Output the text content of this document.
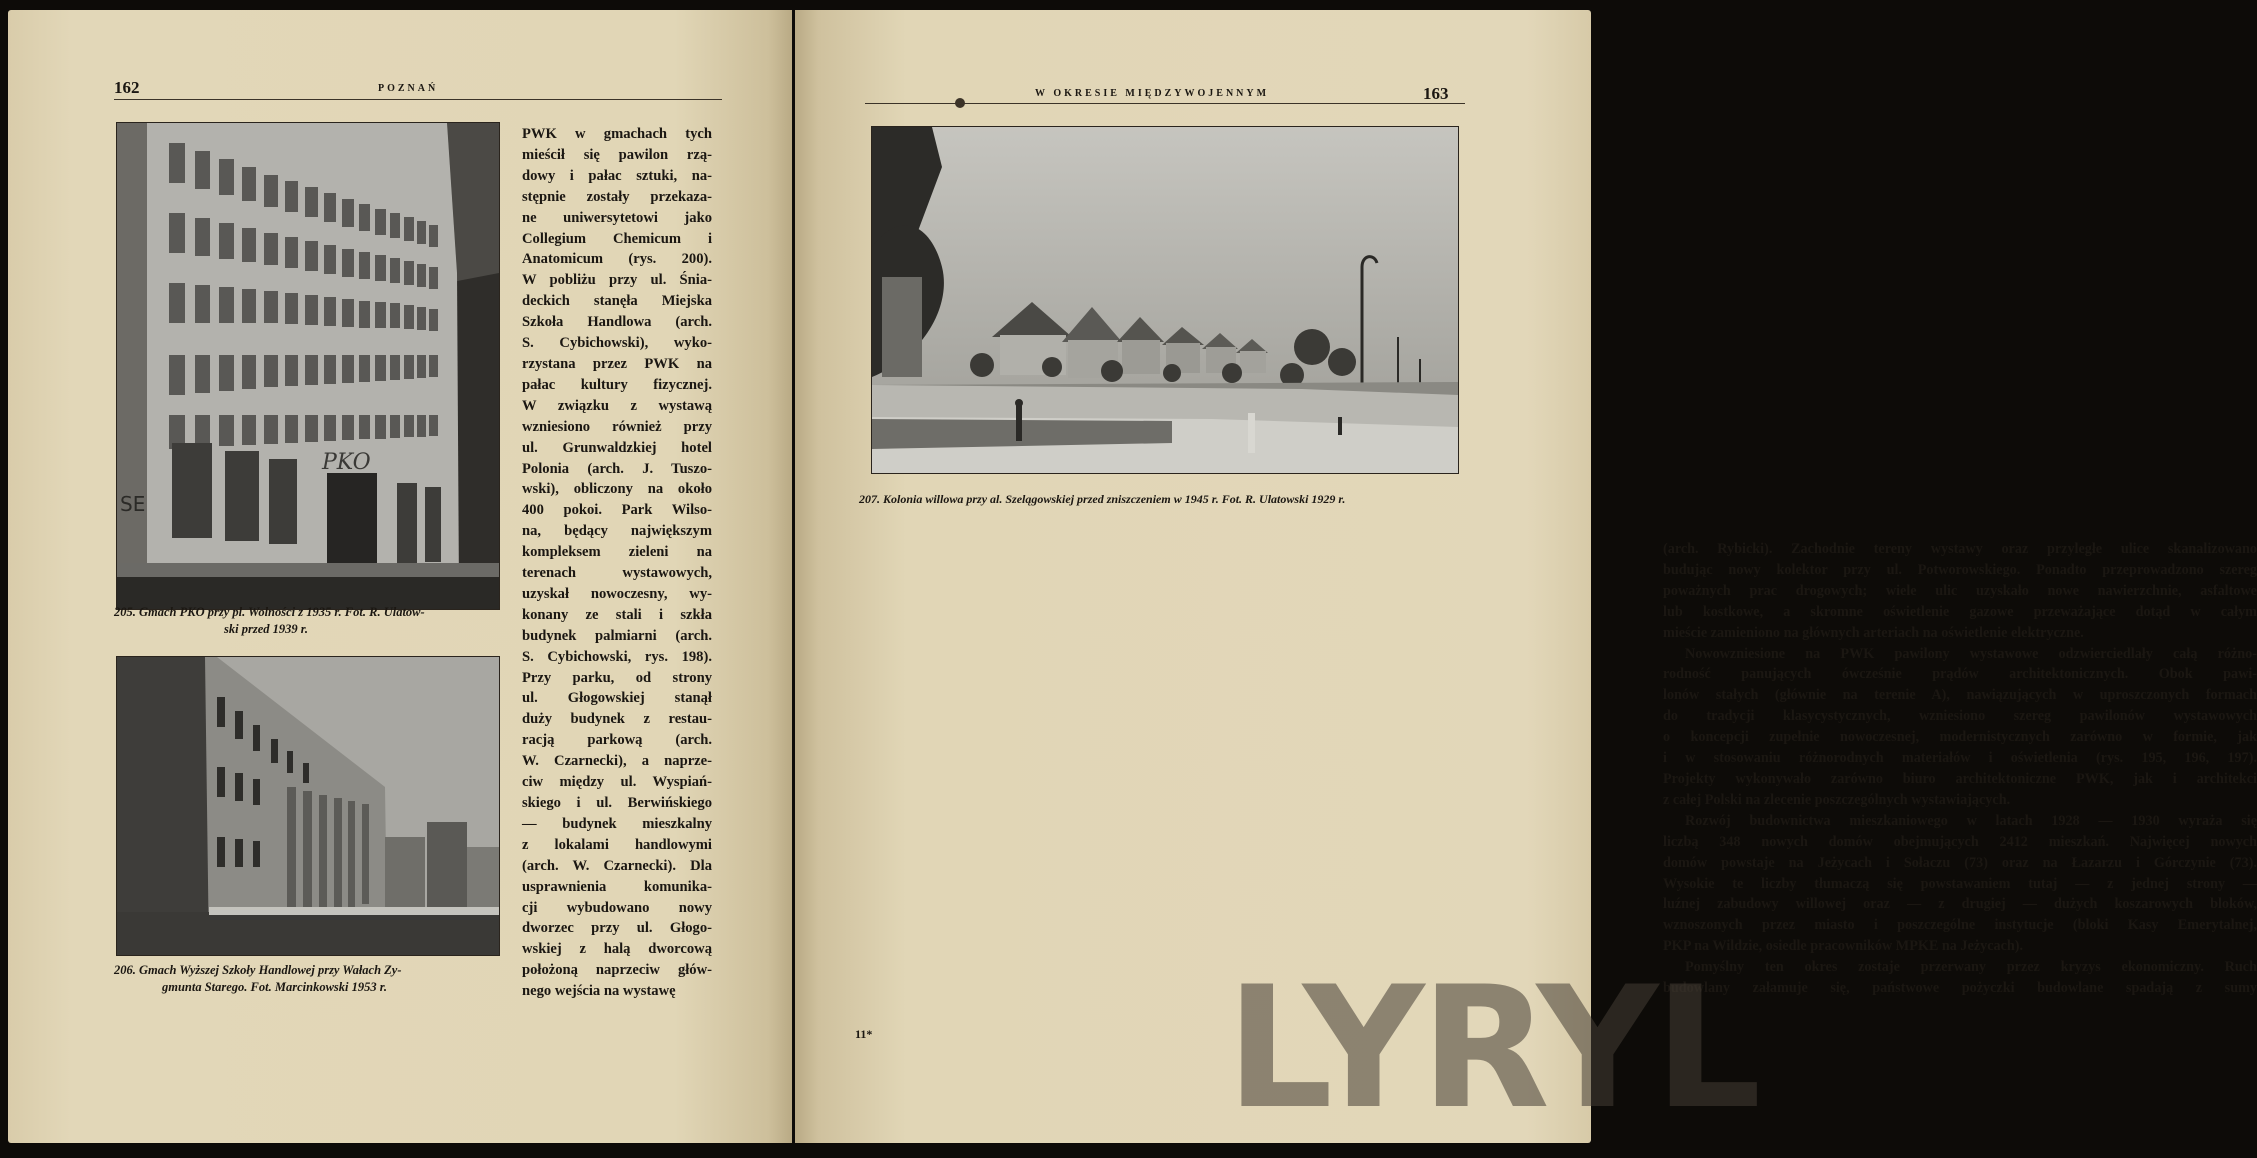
162	POZNAŃ
PKO
SE
205. Gmach PKO przy pl. Wolności z 1935 r. Fot. R. Ulatow-
ski przed 1939 r.
206. Gmach Wyższej Szkoły Handlowej przy Wałach Zy-
gmunta Starego. Fot. Marcinkowski 1953 r.
PWK w gmachach tych
mieścił się pawilon rzą-
dowy i pałac sztuki, na-
stępnie zostały przekaza-
ne uniwersytetowi jako
Collegium Chemicum i
Anatomicum (rys. 200).
W pobliżu przy ul. Śnia-
deckich stanęła Miejska
Szkoła Handlowa (arch.
S. Cybichowski), wyko-
rzystana przez PWK na
pałac kultury fizycznej.
W związku z wystawą
wzniesiono również przy
ul. Grunwaldzkiej hotel
Polonia (arch. J. Tuszo-
wski), obliczony na około
400 pokoi. Park Wilso-
na, będący największym
kompleksem zieleni na
terenach wystawowych,
uzyskał nowoczesny, wy-
konany ze stali i szkła
budynek palmiarni (arch.
S. Cybichowski, rys. 198).
Przy parku, od strony
ul. Głogowskiej stanął
duży budynek z restau-
racją parkową (arch.
W. Czarnecki), a naprze-
ciw między ul. Wyspiań-
skiego i ul. Berwińskiego
— budynek mieszkalny
z lokalami handlowymi
(arch. W. Czarnecki). Dla
usprawnienia komunika-
cji wybudowano nowy
dworzec przy ul. Głogo-
wskiej z halą dworcową
położoną naprzeciw głów-
nego wejścia na wystawę
W OKRESIE MIĘDZYWOJENNYM	163
207. Kolonia willowa przy al. Szelągowskiej przed zniszczeniem w 1945 r. Fot. R. Ulatowski 1929 r.
(arch. Rybicki). Zachodnie tereny wystawy oraz przyległe ulice skanalizowano
budując nowy kolektor przy ul. Potworowskiego. Ponadto przeprowadzono szereg
poważnych prac drogowych; wiele ulic uzyskało nowe nawierzchnie, asfaltowe
lub kostkowe, a skromne oświetlenie gazowe przeważające dotąd w całym
mieście zamieniono na głównych arteriach na oświetlenie elektryczne.
Nowowzniesione na PWK pawilony wystawowe odzwierciedlały całą różno-
rodność panujących ówcześnie prądów architektonicznych. Obok pawi-
lonów stałych (głównie na terenie A), nawiązujących w uproszczonych formach
do tradycji klasycystycznych, wzniesiono szereg pawilonów wystawowych
o koncepcji zupełnie nowoczesnej, modernistycznych zarówno w formie, jak
i w stosowaniu różnorodnych materiałów i oświetlenia (rys. 195, 196, 197).
Projekty wykonywało zarówno biuro architektoniczne PWK, jak i architekci
z całej Polski na zlecenie poszczególnych wystawiających.
Rozwój budownictwa mieszkaniowego w latach 1928 — 1930 wyraża się
liczbą 348 nowych domów obejmujących 2412 mieszkań. Najwięcej nowych
domów powstaje na Jeżycach i Sołaczu (73) oraz na Łazarzu i Górczynie (73).
Wysokie te liczby tłumaczą się powstawaniem tutaj — z jednej strony —
luźnej zabudowy willowej oraz — z drugiej — dużych koszarowych bloków,
wznoszonych przez miasto i poszczególne instytucje (bloki Kasy Emerytalnej,
PKP na Wildzie, osiedle pracowników MPKE na Jeżycach).
Pomyślny ten okres zostaje przerwany przez kryzys ekonomiczny. Ruch
budowlany załamuje się, państwowe pożyczki budowlane spadają z sumy
11* LYRYL
